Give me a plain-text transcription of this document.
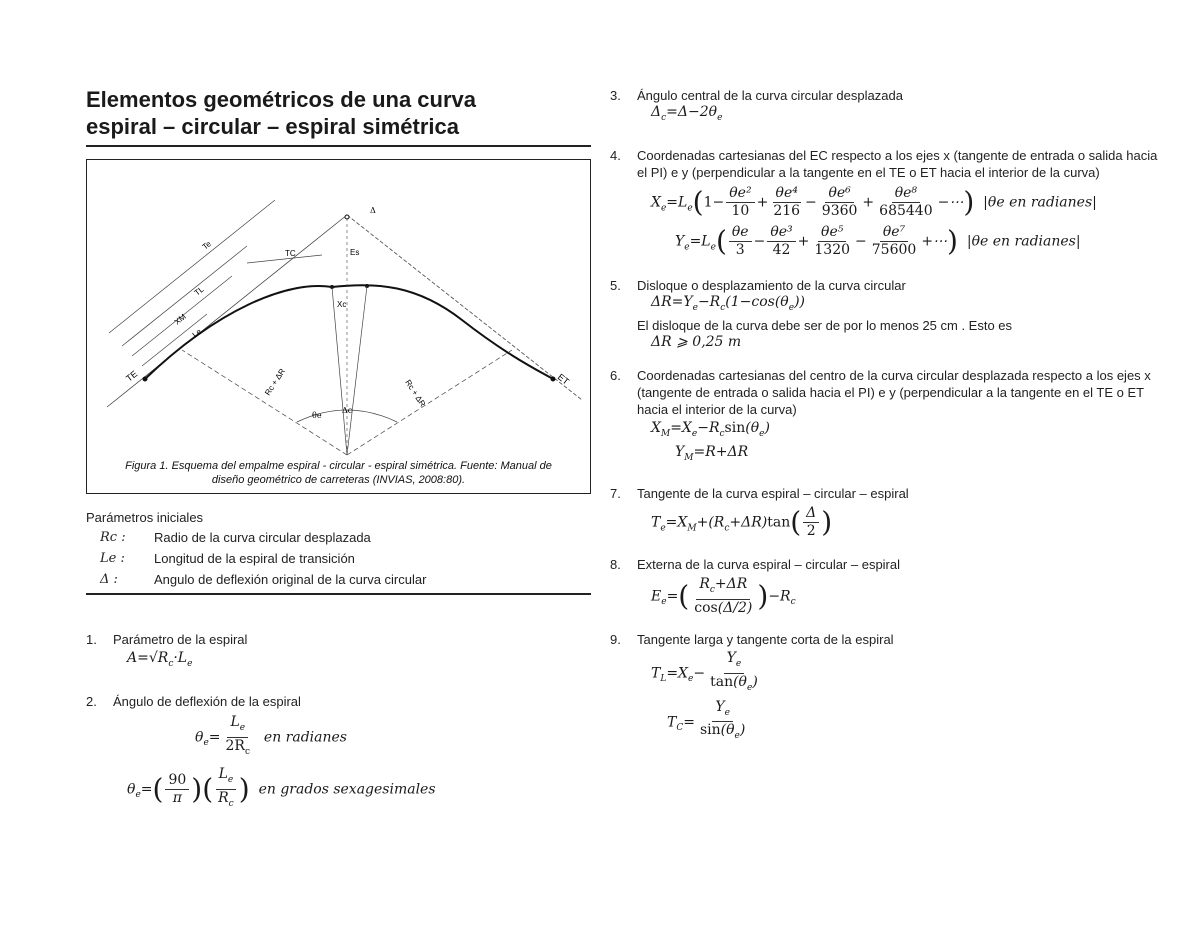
Elementos geométricos de una curva
espiral – circular – espiral simétrica
TE	ET
Te
TL
XM
Le
TC	Es
Δ
Rc + ΔR	Rc + ΔR
θe
Δc
Xc
Figura 1. Esquema del empalme espiral - circular - espiral simétrica. Fuente: Manual de
diseño geométrico de carreteras (INVIAS, 2008:80).
Parámetros iniciales
Rc :	Radio de la curva circular desplazada
Le :	Longitud de la espiral de transición
Δ :	Angulo de deflexión original de la curva circular
1.	Parámetro de la espiral
$A=√R_c\cdot L_e$
2.	Ángulo de deflexión de la espiral
$\theta_e= \frac{L_e}{2R_c}$ en radianes
$\theta_e=( \frac{90}{\pi}$ )( $\frac{L_e}{R_c}$ ) en grados sexagesimales
3.	Ángulo central de la curva circular desplazada
$\Delta_c=\Delta-2\theta_e$
4.	Coordenadas cartesianas del EC respecto a los ejes x (tangente de entrada o salida hacia el PI) e y (perpendicular a la tangente en el TE o ET hacia el interior de la curva)
$X_e=L_e(1- \frac{\text{θe²}}{10} + \frac{\text{θe⁴}}{216} - \frac{\text{θe⁶}}{9360} + \frac{\text{θe⁸}}{685440}$ −⋯)  |θe en radianes|
$Y_e=L_e( \frac{\theta e}{3} - \frac{\text{θe³}}{42} + \frac{\text{θe⁵}}{1320} - \frac{\text{θe⁷}}{75600}$ +⋯)  |θe en radianes|
5.	Disloque o desplazamiento de la curva circular
$\Delta R=Y_e-R_c(1-\cos(\theta_e))$
El disloque de la curva debe ser de por lo menos 25 cm . Esto es
ΔR ⩾ 0,25 m
6.	Coordenadas cartesianas del centro de la curva circular desplazada respecto a los ejes x (tangente de entrada o salida hacia el PI) e y (perpendicular a la tangente en el TE o ET hacia el interior de la curva)
$X_M=X_e-R_c\sin(\theta_e)$
$Y_M=R+\Delta R$
7.	Tangente de la curva espiral – circular – espiral
$T_e=X_M+(R_c+\Delta R)\tan( \frac{\Delta}{2}$ )
8.	Externa de la curva espiral – circular – espiral
$E_e=( \frac{R_c+\Delta R}{\cos(\Delta/2)} )-R_c$
9.	Tangente larga y tangente corta de la espiral
$T_L=X_e- \frac{Y_e}{\tan(\theta_e)}$
$T_C= \frac{Y_e}{\sin(\theta_e)}$
